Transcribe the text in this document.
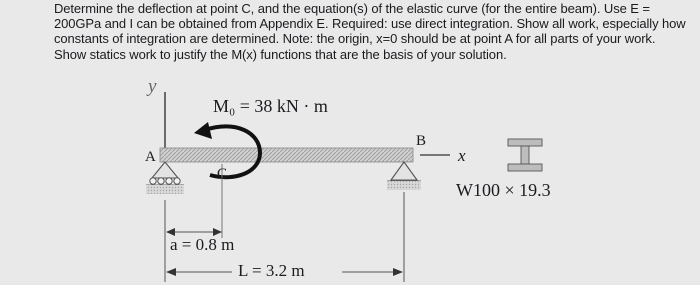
Determine the deflection at point C, and the equation(s) of the elastic curve (for the entire beam). Use E =
200GPa and I can be obtained from Appendix E. Required: use direct integration. Show all work, especially how
constants of integration are determined. Note: the origin, x=0 should be at point A for all parts of your work.
Show statics work to justify the M(x) functions that are the basis of your solution.
y
M₀ = 38 kN · m
A
B
C
x
W100 × 19.3
a = 0.8 m
L = 3.2 m
